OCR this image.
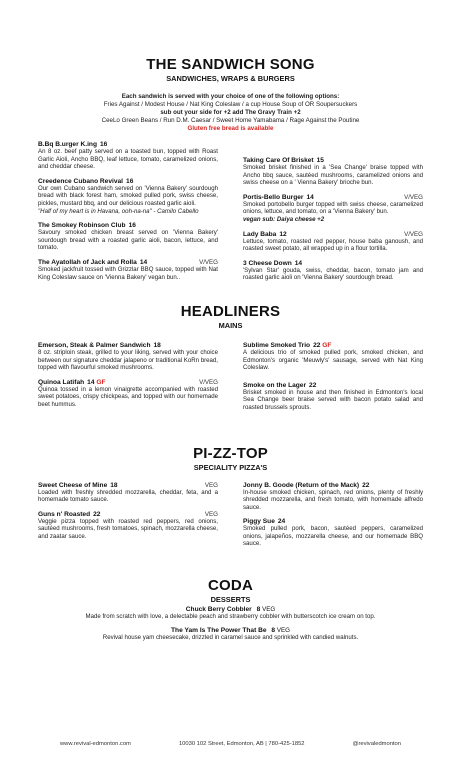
THE SANDWICH SONG
SANDWICHES, WRAPS & BURGERS
Each sandwich is served with your choice of one of the following options:
Fries Against / Modest House / Nat King Coleslaw / a cup House Soup of OR Soupersuckers
sub out your side for +2 add The Gravy Train +2
CeeLo Green Beans / Run D.M. Caesar / Sweet Home Yamabama / Rage Against the Poutine
Gluten free bread is available
B.Bq B.urger K.ing 16
An 8 oz. beef patty served on a toasted bun, topped with Roast Garlic Aioli, Ancho BBQ, leaf lettuce, tomato, caramelized onions, and cheddar cheese.
Creedence Cubano Revival 16
Our own Cubano sandwich served on 'Vienna Bakery' sourdough bread with black forest ham, smoked pulled pork, swiss cheese, pickles, mustard bbq, and our delicious roasted garlic aioli.
"Half of my heart is in Havana, ooh-na-na" - Camilo Cabello
The Smokey Robinson Club 16
Savoury smoked chicken breast served on 'Vienna Bakery' sourdough bread with a roasted garlic aioli, bacon, lettuce, and tomato.
The Ayatollah of Jack and Rolla 14	V/VEG
Smoked jackfruit tossed with Grizzlar BBQ sauce, topped with Nat King Coleslaw sauce on 'Vienna Bakery' vegan bun..
Taking Care Of Brisket 15
Smoked brisket finished in a 'Sea Change' braise topped with Ancho bbq sauce, sautéed mushrooms, caramelized onions and swiss cheese on a ' Vienna Bakery' brioche bun.
Portis-Bello Burger 14	V/VEG
Smoked portobello burger topped with swiss cheese, caramelized onions, lettuce, and tomato, on a 'Vienna Bakery' bun.
vegan sub: Daiya cheese +2
Lady Baba 12	V/VEG
Lettuce, tomato, roasted red pepper, house baba ganoush, and roasted sweet potato, all wrapped up in a flour tortilla.
3 Cheese Down 14
'Sylvan Star' gouda, swiss, cheddar, bacon, tomato jam and roasted garlic aioli on 'Vienna Bakery' sourdough bread.
HEADLINERS
MAINS
Emerson, Steak & Palmer Sandwich 18
8 oz. striploin steak, grilled to your liking, served with your choice between our signature cheddar jalapeno or traditional KoRn bread, topped with flavourful smoked mushrooms.
Quinoa Latifah 14 GF	V/VEG
Quinoa tossed in a lemon vinaigrette accompanied with roasted sweet potatoes, crispy chickpeas, and topped with our homemade beet hummus.
Sublime Smoked Trio 22 GF
A delicious trio of smoked pulled pork, smoked chicken, and Edmonton's organic 'Meuwly's' sausage, served with Nat King Coleslaw.
Smoke on the Lager 22
Brisket smoked in house and then finished in Edmonton's local Sea Change beer braise served with bacon potato salad and roasted brussels sprouts.
PI-ZZ-TOP
SPECIALITY PIZZA'S
Sweet Cheese of Mine 18	VEG
Loaded with freshly shredded mozzarella, cheddar, feta, and a homemade tomato sauce.
Guns n' Roasted 22	VEG
Veggie pizza topped with roasted red peppers, red onions, sautéed mushrooms, fresh tomatoes, spinach, mozzarella cheese, and zaatar sauce.
Jonny B. Goode (Return of the Mack) 22
In-house smoked chicken, spinach, red onions, plenty of freshly shredded mozzarella, and fresh tomato, with homemade alfredo sauce.
Piggy Sue 24
Smoked pulled pork, bacon, sautéed peppers, caramelized onions, jalapeños, mozzarella cheese, and our homemade BBQ sauce.
CODA
DESSERTS
Chuck Berry Cobbler 8 VEG
Made from scratch with love, a delectable peach and strawberry cobbler with butterscotch ice cream on top.
The Yam Is The Power That Be 8 VEG
Revival house yam cheesecake, drizzled in caramel sauce and sprinkled with candied walnuts.
www.revival-edmonton.com	10030 102 Street, Edmonton, AB | 780-425-1852	@revivaledmonton
